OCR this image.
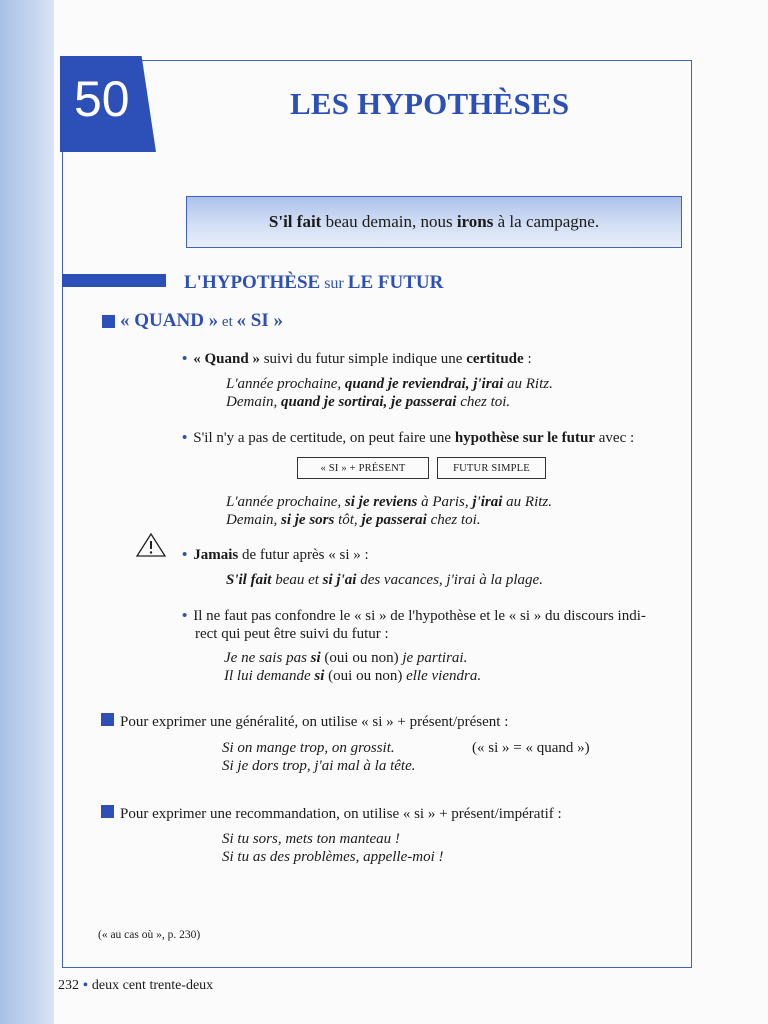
50	LES HYPOTHÈSES
S'il fait beau demain, nous irons à la campagne.
L'HYPOTHÈSE sur LE FUTUR
« QUAND » et « SI »
• « Quand » suivi du futur simple indique une certitude :
L'année prochaine, quand je reviendrai, j'irai au Ritz.
Demain, quand je sortirai, je passerai chez toi.
• S'il n'y a pas de certitude, on peut faire une hypothèse sur le futur avec :
« SI » + PRÉSENT	FUTUR SIMPLE
L'année prochaine, si je reviens à Paris, j'irai au Ritz.
Demain, si je sors tôt, je passerai chez toi.
• Jamais de futur après « si » :
S'il fait beau et si j'ai des vacances, j'irai à la plage.
• Il ne faut pas confondre le « si » de l'hypothèse et le « si » du discours indi-
rect qui peut être suivi du futur :
Je ne sais pas si (oui ou non) je partirai.
Il lui demande si (oui ou non) elle viendra.
Pour exprimer une généralité, on utilise « si » + présent/présent :
Si on mange trop, on grossit.	(« si » = « quand »)
Si je dors trop, j'ai mal à la tête.
Pour exprimer une recommandation, on utilise « si » + présent/impératif :
Si tu sors, mets ton manteau !
Si tu as des problèmes, appelle-moi !
(« au cas où », p. 230)
232 • deux cent trente-deux
